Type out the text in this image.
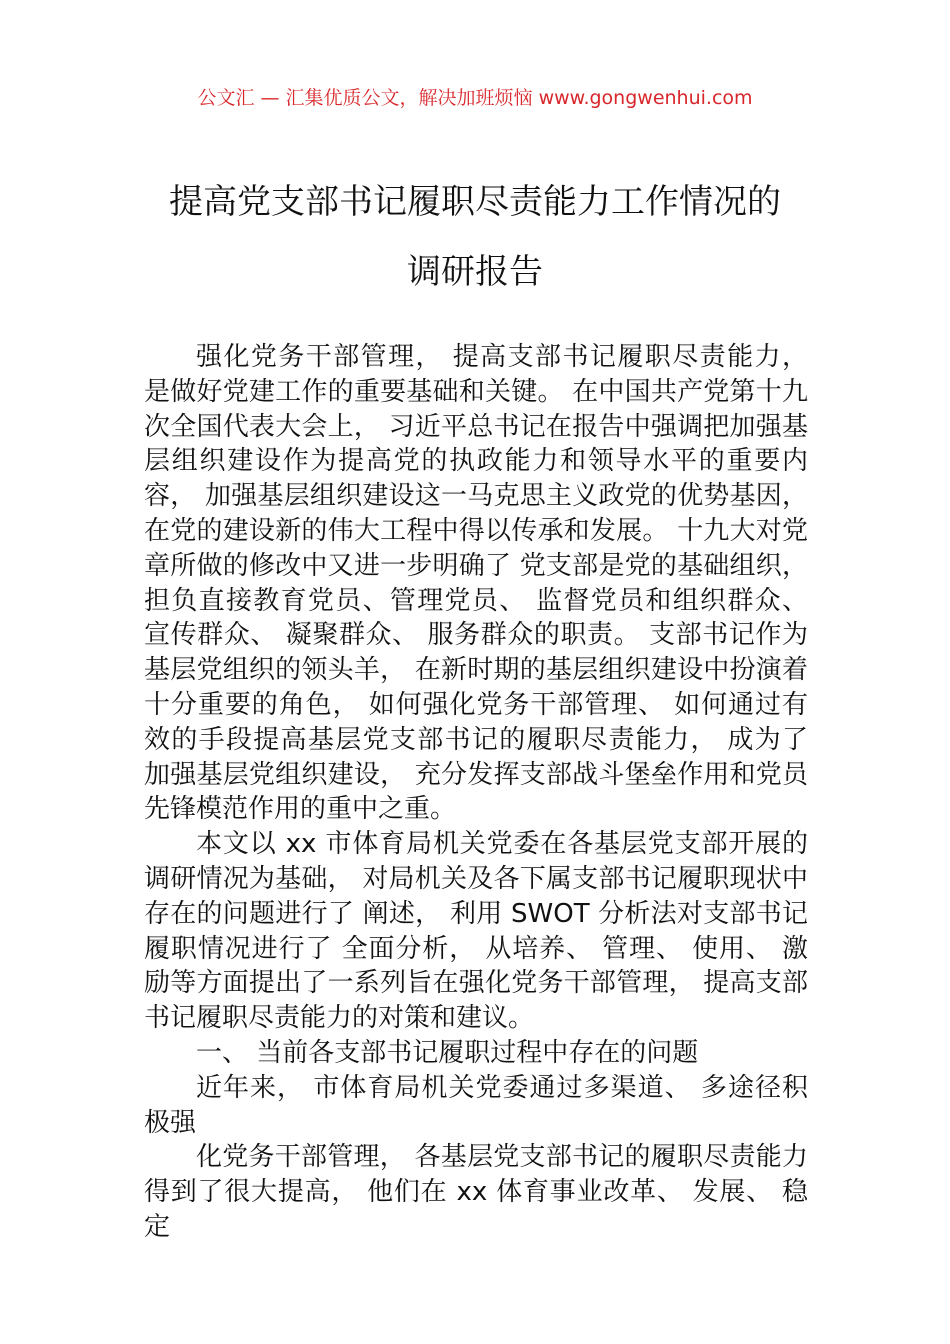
公文汇 — 汇集优质公文，解决加班烦恼 www.gongwenhui.com
提高党支部书记履职尽责能力工作情况的
调研报告

强化党务干部管理， 提高支部书记履职尽责能力， 是做好党建工作的重要基础和关键。 在中国共产党第十九次全国代表大会上， 习近平总书记在报告中强调把加强基层组织建设作为提高党的执政能力和领导水平的重要内容， 加强基层组织建设这一马克思主义政党的优势基因， 在党的建设新的伟大工程中得以传承和发展。 十九大对党章所做的修改中又进一步明确了 党支部是党的基础组织， 担负直接教育党员、管理党员、 监督党员和组织群众、 宣传群众、 凝聚群众、 服务群众的职责。 支部书记作为基层党组织的领头羊， 在新时期的基层组织建设中扮演着十分重要的角色， 如何强化党务干部管理、 如何通过有效的手段提高基层党支部书记的履职尽责能力， 成为了 加强基层党组织建设， 充分发挥支部战斗堡垒作用和党员先锋模范作用的重中之重。

本文以 xx 市体育局机关党委在各基层党支部开展的调研情况为基础， 对局机关及各下属支部书记履职现状中存在的问题进行了 阐述， 利用 SWOT 分析法对支部书记履职情况进行了 全面分析， 从培养、 管理、 使用、 激励等方面提出了一系列旨在强化党务干部管理， 提高支部书记履职尽责能力的对策和建议。

一、 当前各支部书记履职过程中存在的问题

近年来， 市体育局机关党委通过多渠道、 多途径积极强

化党务干部管理， 各基层党支部书记的履职尽责能力得到了很大提高， 他们在 xx 体育事业改革、 发展、 稳定
